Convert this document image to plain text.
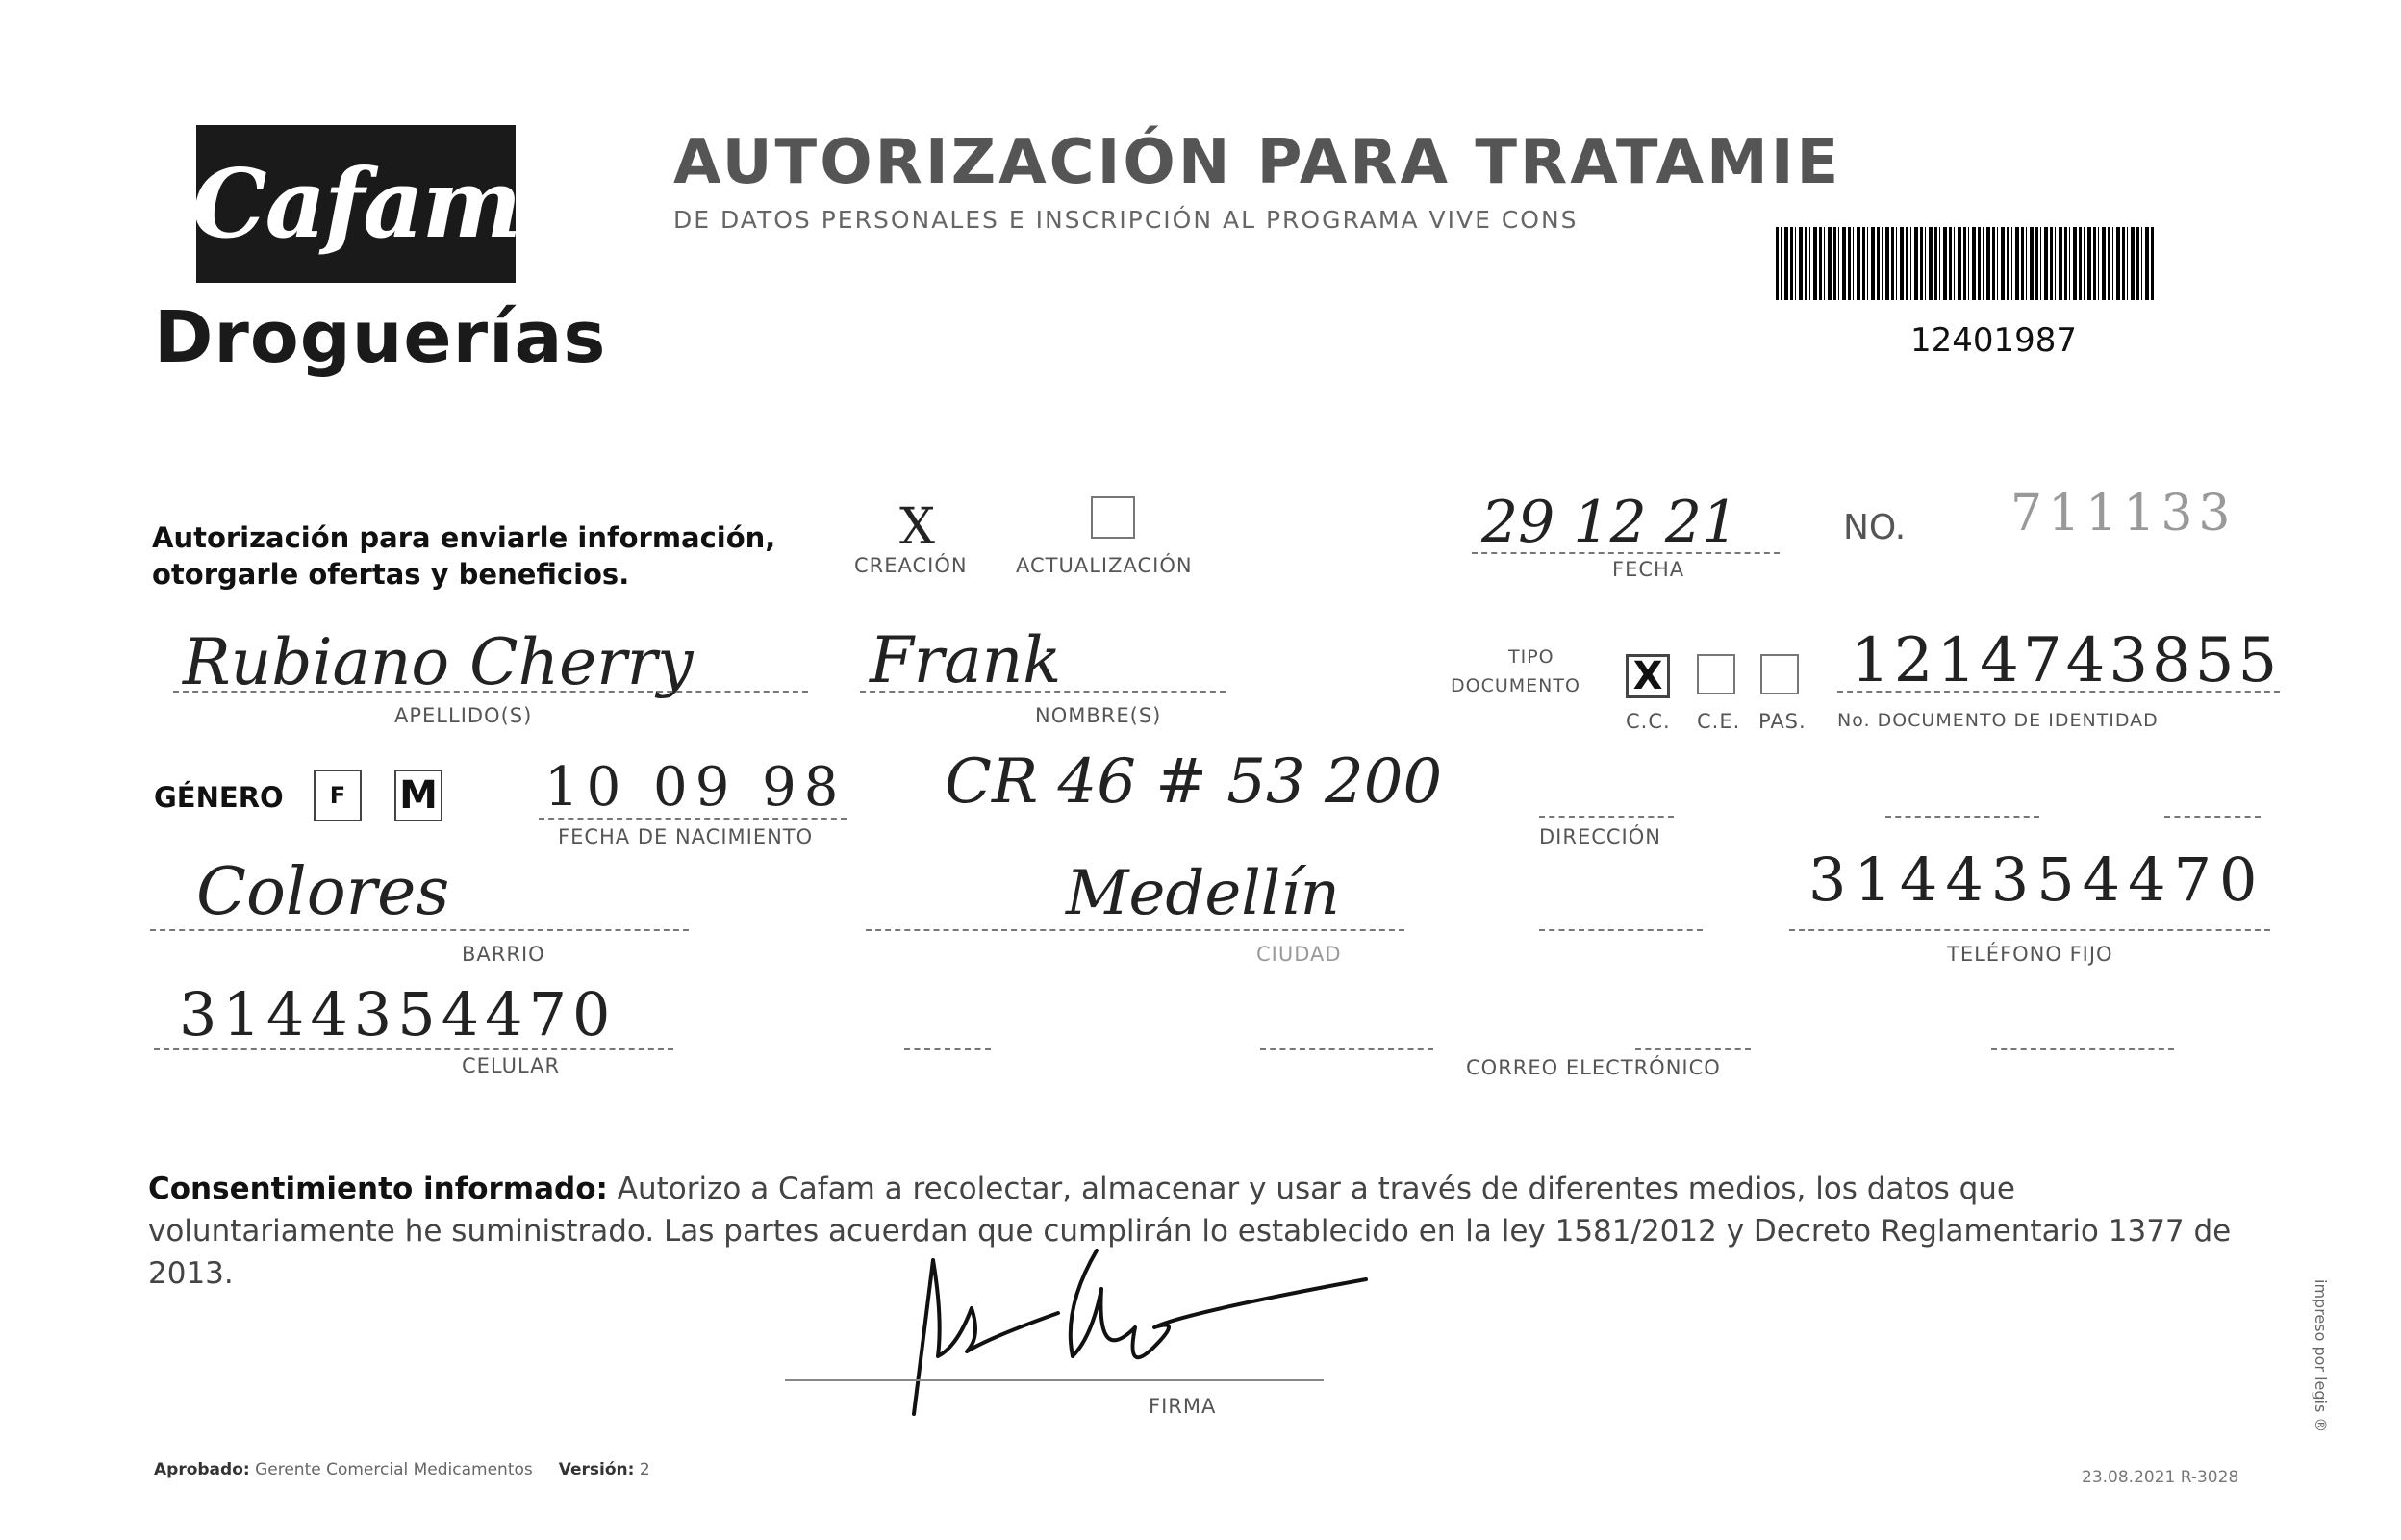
Cafam
Droguerías
AUTORIZACIÓN PARA TRATAMIE
DE DATOS PERSONALES E INSCRIPCIÓN AL PROGRAMA VIVE CONS
12401987
Autorización para enviarle información,
otorgarle ofertas y beneficios.
X
CREACIÓN ACTUALIZACIÓN
29 12 21
FECHA
NO. 711133
Rubiano Cherry
APELLIDO(S)
Frank
NOMBRE(S)
TIPO
DOCUMENTO X
C.C. C.E. PAS.
1214743855
No. DOCUMENTO DE IDENTIDAD
GÉNERO F M 10 09 98
FECHA DE NACIMIENTO
CR 46 # 53 200
DIRECCIÓN
Colores
BARRIO
Medellín
CIUDAD
3144354470
TELÉFONO FIJO
3144354470
CELULAR	CORREO ELECTRÓNICO
Consentimiento informado: Autorizo a Cafam a recolectar, almacenar y usar a través de diferentes medios, los datos que voluntariamente he suministrado. Las partes acuerdan que cumplirán lo establecido en la ley 1581/2012 y Decreto Reglamentario 1377 de 2013.
FIRMA
Aprobado: Gerente Comercial Medicamentos Versión: 2	23.08.2021 R-3028
impreso por legis ®
